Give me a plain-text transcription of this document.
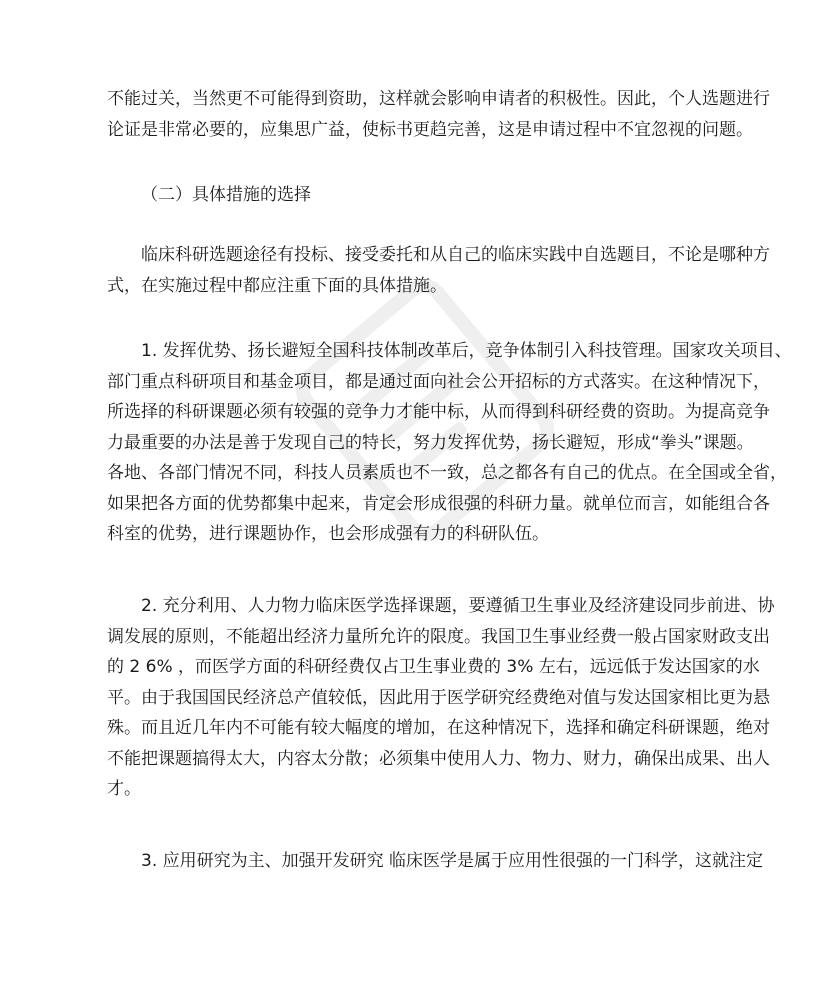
不能过关，当然更不可能得到资助，这样就会影响申请者的积极性。因此，个人选题进行
论证是非常必要的，应集思广益，使标书更趋完善，这是申请过程中不宜忽视的问题。

（二）具体措施的选择

临床科研选题途径有投标、接受委托和从自己的临床实践中自选题目，不论是哪种方
式，在实施过程中都应注重下面的具体措施。

1. 发挥优势、扬长避短全国科技体制改革后，竞争体制引入科技管理。国家攻关项目、
部门重点科研项目和基金项目，都是通过面向社会公开招标的方式落实。在这种情况下，
所选择的科研课题必须有较强的竞争力才能中标，从而得到科研经费的资助。为提高竞争
力最重要的办法是善于发现自己的特长，努力发挥优势，扬长避短，形成“拳头”课题。
各地、各部门情况不同，科技人员素质也不一致，总之都各有自己的优点。在全国或全省，
如果把各方面的优势都集中起来，肯定会形成很强的科研力量。就单位而言，如能组合各
科室的优势，进行课题协作，也会形成强有力的科研队伍。

2. 充分利用、人力物力临床医学选择课题，要遵循卫生事业及经济建设同步前进、协
调发展的原则，不能超出经济力量所允许的限度。我国卫生事业经费一般占国家财政支出
的 2 6% ，而医学方面的科研经费仅占卫生事业费的 3% 左右，远远低于发达国家的水
平。由于我国国民经济总产值较低，因此用于医学研究经费绝对值与发达国家相比更为悬
殊。而且近几年内不可能有较大幅度的增加，在这种情况下，选择和确定科研课题，绝对
不能把课题搞得太大，内容太分散；必须集中使用人力、物力、财力，确保出成果、出人
才。

3. 应用研究为主、加强开发研究 临床医学是属于应用性很强的一门科学，这就注定
